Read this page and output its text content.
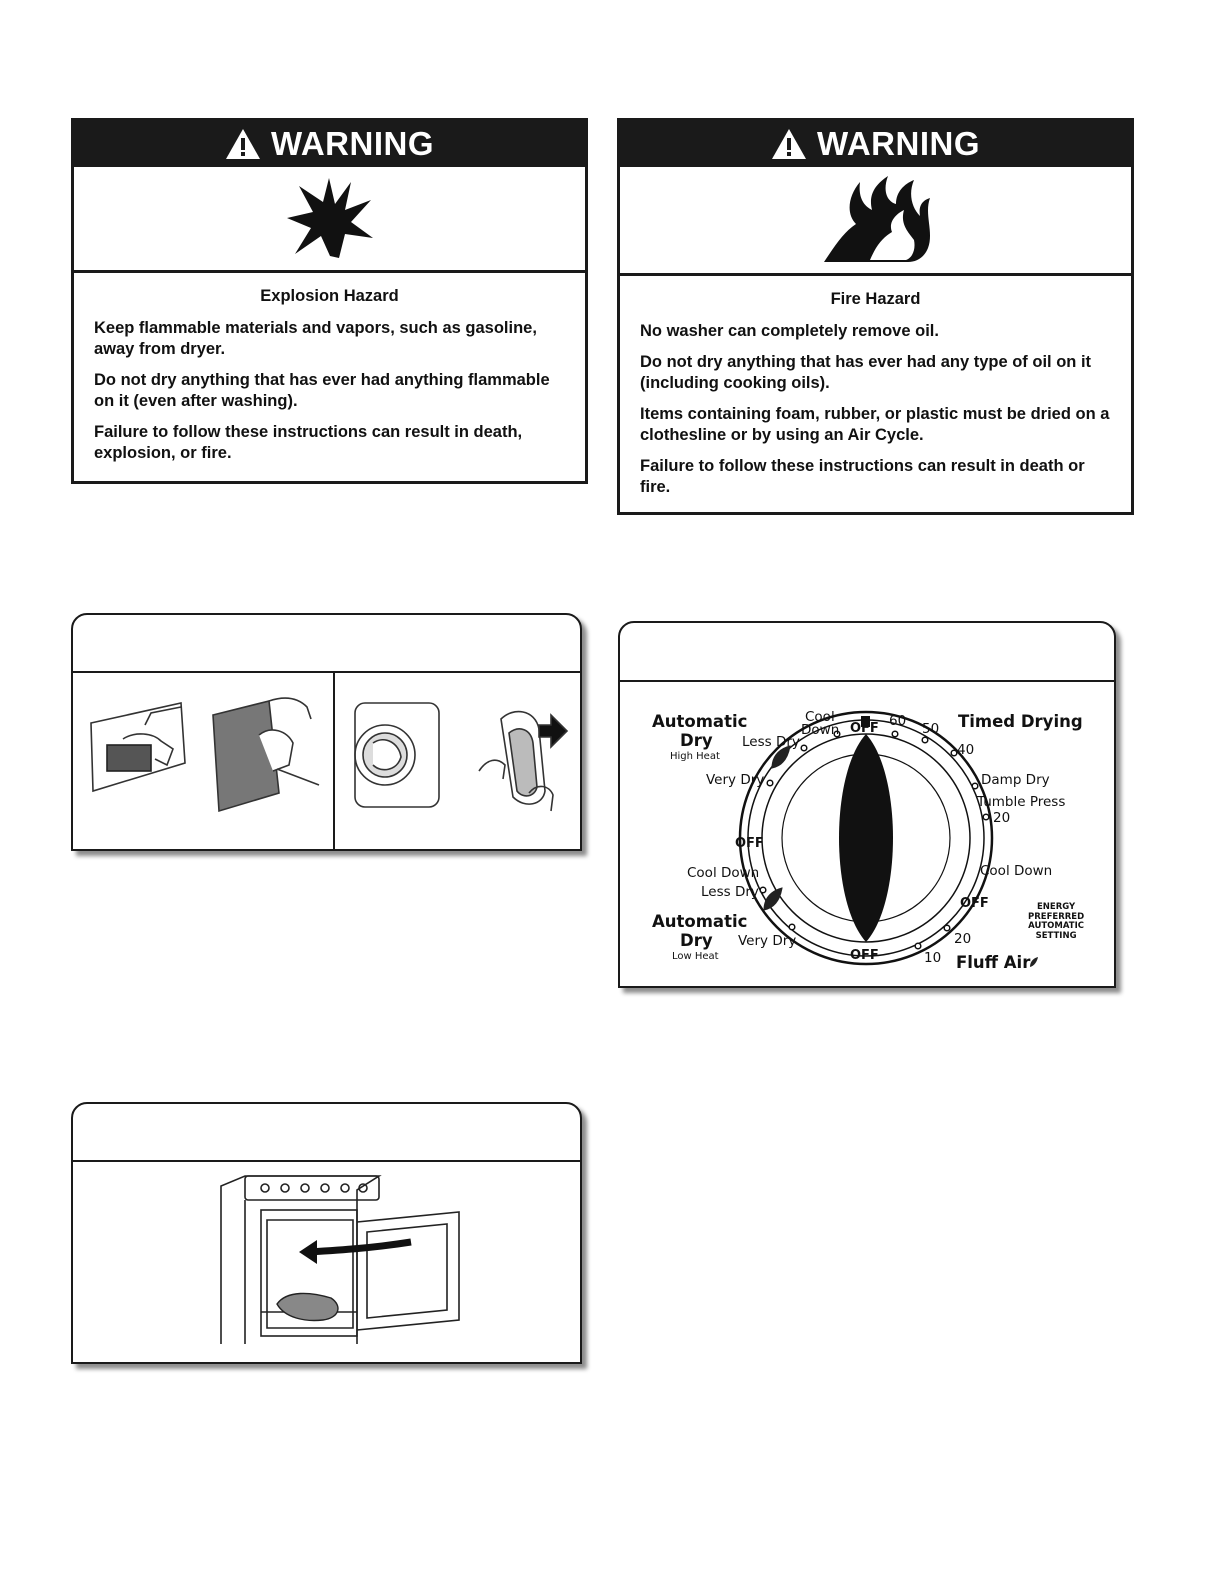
WARNING
Explosion Hazard

Keep flammable materials and vapors, such as gasoline, away from dryer.

Do not dry anything that has ever had anything flammable on it (even after washing).

Failure to follow these instructions can result in death, explosion, or fire.

WARNING
Fire Hazard

No washer can completely remove oil.

Do not dry anything that has ever had any type of oil on it (including cooking oils).

Items containing foam, rubber, or plastic must be dried on a clothesline or by using an Air Cycle.

Failure to follow these instructions can result in death or fire.

Automatic
Dry
High Heat
Cool
Down OFF 60 50 Timed Drying
Less Dry	40
Very Dry	Damp Dry
Tumble Press
20
OFF
Cool Down	Cool Down
Less Dry
OFF	ENERGY
PREFERRED
AUTOMATIC
SETTING
Automatic
Dry
Low Heat
Very Dry	20
OFF	10 Fluff Air
